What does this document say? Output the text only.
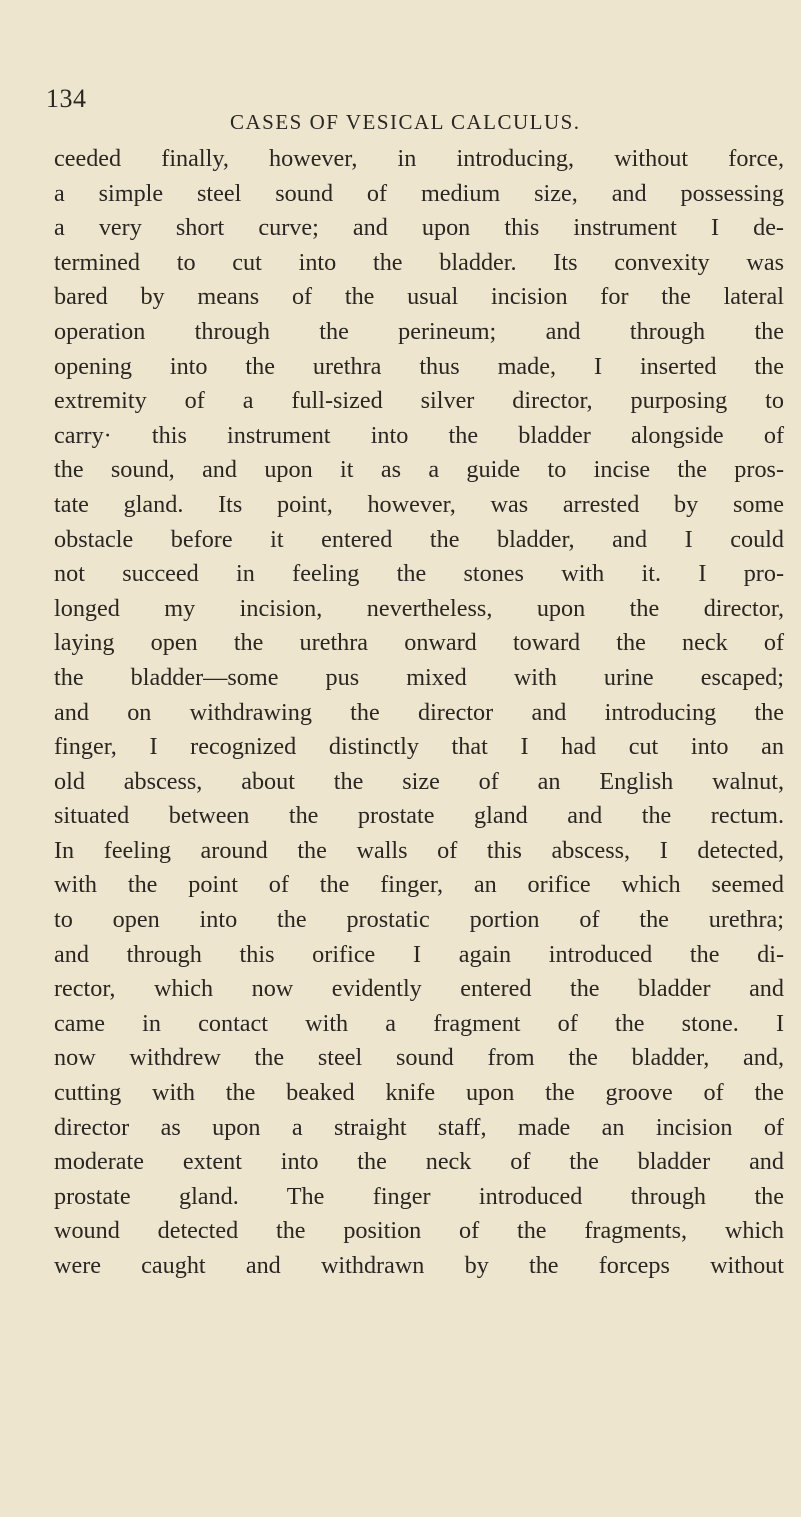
134
CASES OF VESICAL CALCULUS.
ceeded finally, however, in introducing, without force,
a simple steel sound of medium size, and possessing
a very short curve; and upon this instrument I de-
termined to cut into the bladder. Its convexity was
bared by means of the usual incision for the lateral
operation through the perineum; and through the
opening into the urethra thus made, I inserted the
extremity of a full-sized silver director, purposing to
carry· this instrument into the bladder alongside of
the sound, and upon it as a guide to incise the pros-
tate gland. Its point, however, was arrested by some
obstacle before it entered the bladder, and I could
not succeed in feeling the stones with it. I pro-
longed my incision, nevertheless, upon the director,
laying open the urethra onward toward the neck of
the bladder—some pus mixed with urine escaped;
and on withdrawing the director and introducing the
finger, I recognized distinctly that I had cut into an
old abscess, about the size of an English walnut,
situated between the prostate gland and the rectum.
In feeling around the walls of this abscess, I detected,
with the point of the finger, an orifice which seemed
to open into the prostatic portion of the urethra;
and through this orifice I again introduced the di-
rector, which now evidently entered the bladder and
came in contact with a fragment of the stone. I
now withdrew the steel sound from the bladder, and,
cutting with the beaked knife upon the groove of the
director as upon a straight staff, made an incision of
moderate extent into the neck of the bladder and
prostate gland. The finger introduced through the
wound detected the position of the fragments, which
were caught and withdrawn by the forceps without
